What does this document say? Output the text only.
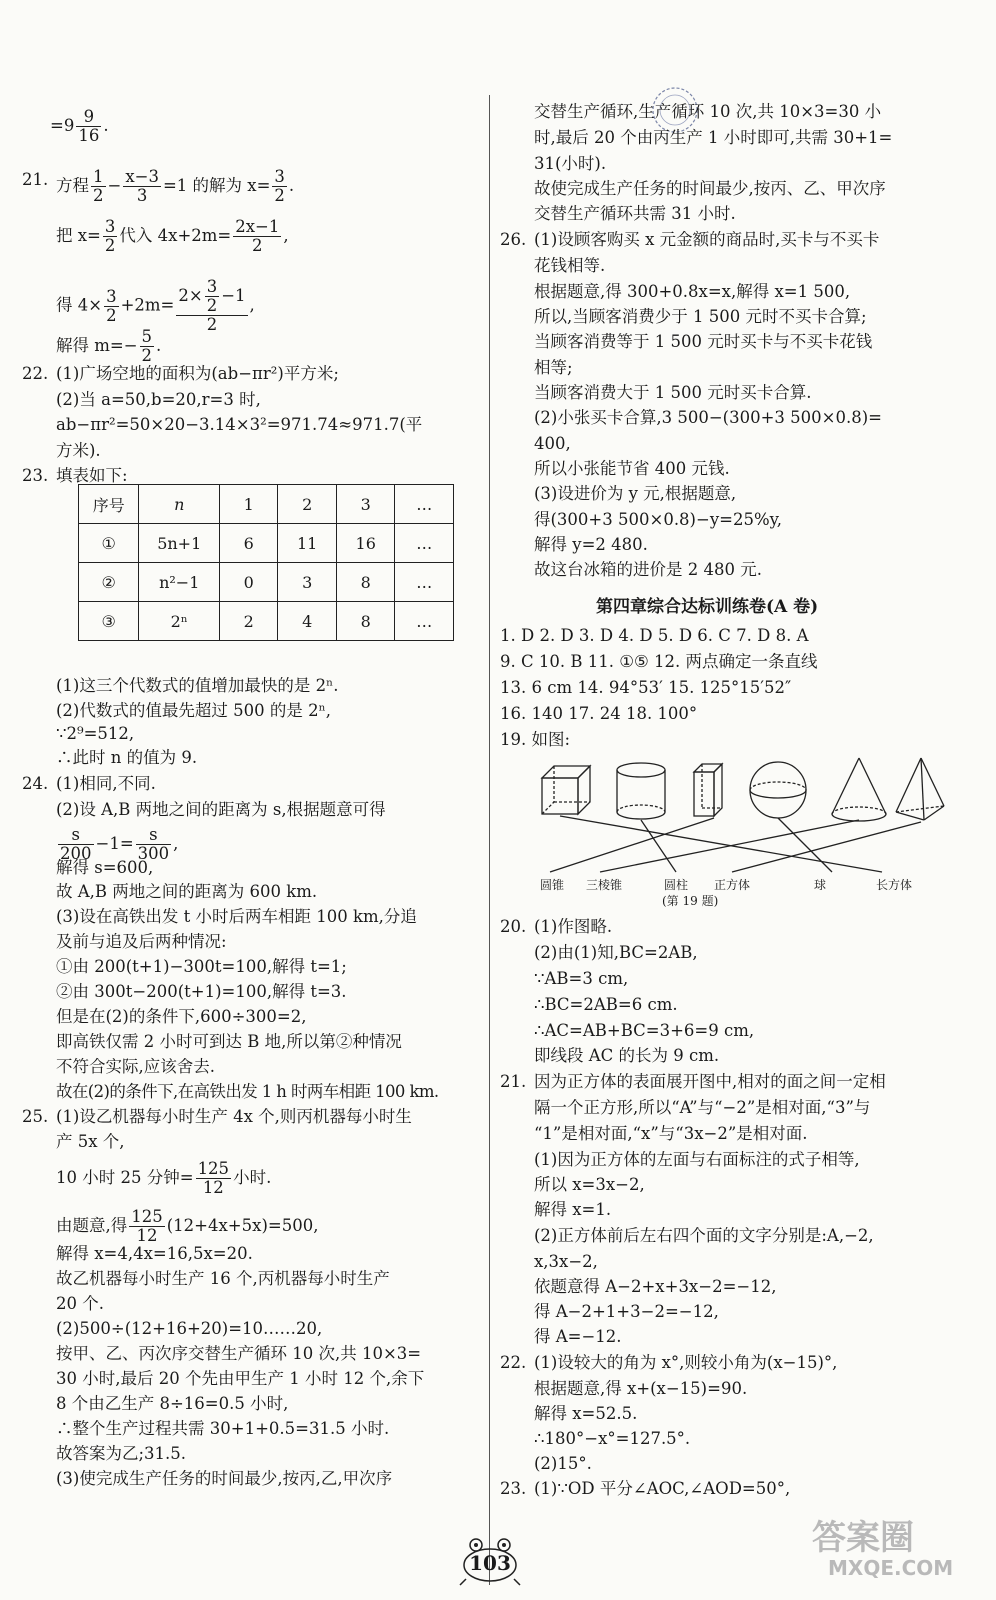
$=9 \frac{9}{16}$ .
21. 方程 $\frac{1}{2} - \frac{x-3}{3} =1$ 的解为 $x= \frac{3}{2}$ .
把 $x= \frac{3}{2}$ 代入 $4x+2m= \frac{2x-1}{2}$ ,
得 $4\times \frac{3}{2} +2m= \frac{2\times \frac{3}{2} -1}{2}$ ,
解得 $m=- \frac{5}{2}$ .
22. (1)广场空地的面积为(ab−πr²)平方米;
(2)当 a=50,b=20,r=3 时,
ab−πr²=50×20−3.14×3²=971.74≈971.7(平
方米).
23. 填表如下:
序号	n	1	2	3	…
①	5n+1	6	11	16	…
②	n²−1	0	3	8	…
③	2ⁿ	2	4	8	…
(1)这三个代数式的值增加最快的是 2ⁿ.
(2)代数式的值最先超过 500 的是 2ⁿ,
∵2⁹=512,
∴此时 n 的值为 9.
24. (1)相同,不同.
(2)设 A,B 两地之间的距离为 s,根据题意可得
$\frac{s}{200} -1= \frac{s}{300}$ ,
解得 s=600,
故 A,B 两地之间的距离为 600 km.
(3)设在高铁出发 t 小时后两车相距 100 km,分追
及前与追及后两种情况:
①由 200(t+1)−300t=100,解得 t=1;
②由 300t−200(t+1)=100,解得 t=3.
但是在(2)的条件下,600÷300=2,
即高铁仅需 2 小时可到达 B 地,所以第②种情况
不符合实际,应该舍去.
故在(2)的条件下,在高铁出发 1 h 时两车相距 100 km.
25. (1)设乙机器每小时生产 4x 个,则丙机器每小时生
产 5x 个,
10 小时 25 分钟= $\frac{125}{12}$ 小时.
由题意,得 $\frac{125}{12} (12+4x+5x)=500$,
解得 x=4,4x=16,5x=20.
故乙机器每小时生产 16 个,丙机器每小时生产
20 个.
(2)500÷(12+16+20)=10……20,
按甲、乙、丙次序交替生产循环 10 次,共 10×3=
30 小时,最后 20 个先由甲生产 1 小时 12 个,余下
8 个由乙生产 8÷16=0.5 小时,
∴整个生产过程共需 30+1+0.5=31.5 小时.
故答案为乙;31.5.
(3)使完成生产任务的时间最少,按丙,乙,甲次序
交替生产循环,生产循环 10 次,共 10×3=30 小
时,最后 20 个由丙生产 1 小时即可,共需 30+1=
31(小时).
故使完成生产任务的时间最少,按丙、乙、甲次序
交替生产循环共需 31 小时.
26. (1)设顾客购买 x 元金额的商品时,买卡与不买卡
花钱相等.
根据题意,得 300+0.8x=x,解得 x=1 500,
所以,当顾客消费少于 1 500 元时不买卡合算;
当顾客消费等于 1 500 元时买卡与不买卡花钱
相等;
当顾客消费大于 1 500 元时买卡合算.
(2)小张买卡合算,3 500−(300+3 500×0.8)=
400,
所以小张能节省 400 元钱.
(3)设进价为 y 元,根据题意,
得(300+3 500×0.8)−y=25%y,
解得 y=2 480.
故这台冰箱的进价是 2 480 元.
第四章综合达标训练卷(A 卷)
1. D 2. D 3. D 4. D 5. D 6. C 7. D 8. A
9. C 10. B 11. ①⑤ 12. 两点确定一条直线
13. 6 cm 14. 94°53′ 15. 125°15′52″
16. 140 17. 24 18. 100°
19. 如图:
圆锥 三棱锥	圆柱 正方体	球	长方体
(第 19 题)
20. (1)作图略.
(2)由(1)知,BC=2AB,
∵AB=3 cm,
∴BC=2AB=6 cm.
∴AC=AB+BC=3+6=9 cm,
即线段 AC 的长为 9 cm.
21. 因为正方体的表面展开图中,相对的面之间一定相
隔一个正方形,所以“A”与“−2”是相对面,“3”与
“1”是相对面,“x”与“3x−2”是相对面.
(1)因为正方体的左面与右面标注的式子相等,
所以 x=3x−2,
解得 x=1.
(2)正方体前后左右四个面的文字分别是:A,−2,
x,3x−2,
依题意得 A−2+x+3x−2=−12,
得 A−2+1+3−2=−12,
得 A=−12.
22. (1)设较大的角为 x°,则较小角为(x−15)°,
根据题意,得 x+(x−15)=90.
解得 x=52.5.
∴180°−x°=127.5°.
(2)15°.
23. (1)∵OD 平分∠AOC,∠AOD=50°,
103
答案圈
MXQE.COM
